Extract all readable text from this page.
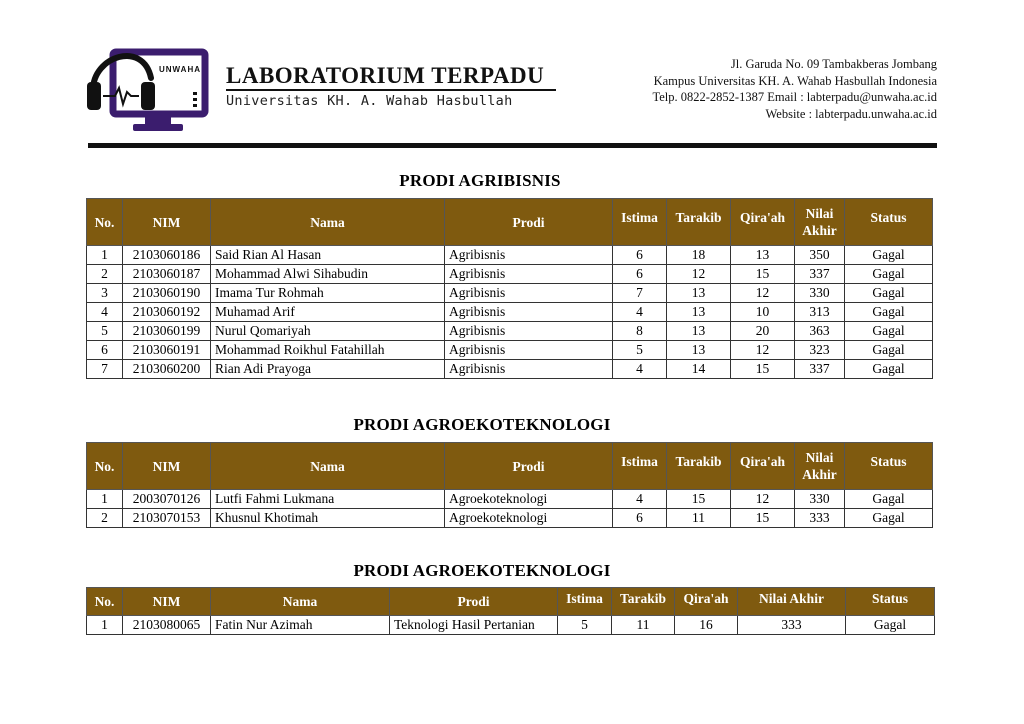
UNWAHA LABORATORIUM TERPADU
Universitas KH. A. Wahab Hasbullah
Jl. Garuda No. 09 Tambakberas Jombang
Kampus Universitas KH. A. Wahab Hasbullah Indonesia
Telp. 0822-2852-1387 Email : labterpadu@unwaha.ac.id
Website : labterpadu.unwaha.ac.id
PRODI AGRIBISNIS
No.	NIM	Nama	Prodi	Istima	Tarakib	Qira'ah	Nilai Akhir	Status
1	2103060186	Said Rian Al Hasan	Agribisnis	6	18	13	350	Gagal
2	2103060187	Mohammad Alwi Sihabudin	Agribisnis	6	12	15	337	Gagal
3	2103060190	Imama Tur Rohmah	Agribisnis	7	13	12	330	Gagal
4	2103060192	Muhamad Arif	Agribisnis	4	13	10	313	Gagal
5	2103060199	Nurul Qomariyah	Agribisnis	8	13	20	363	Gagal
6	2103060191	Mohammad Roikhul Fatahillah	Agribisnis	5	13	12	323	Gagal
7	2103060200	Rian Adi Prayoga	Agribisnis	4	14	15	337	Gagal
PRODI AGROEKOTEKNOLOGI
No.	NIM	Nama	Prodi	Istima	Tarakib	Qira'ah	Nilai Akhir	Status
1	2003070126	Lutfi Fahmi Lukmana	Agroekoteknologi	4	15	12	330	Gagal
2	2103070153	Khusnul Khotimah	Agroekoteknologi	6	11	15	333	Gagal
PRODI AGROEKOTEKNOLOGI
No.	NIM	Nama	Prodi	Istima	Tarakib	Qira'ah	Nilai Akhir	Status
1	2103080065	Fatin Nur Azimah	Teknologi Hasil Pertanian	5	11	16	333	Gagal
